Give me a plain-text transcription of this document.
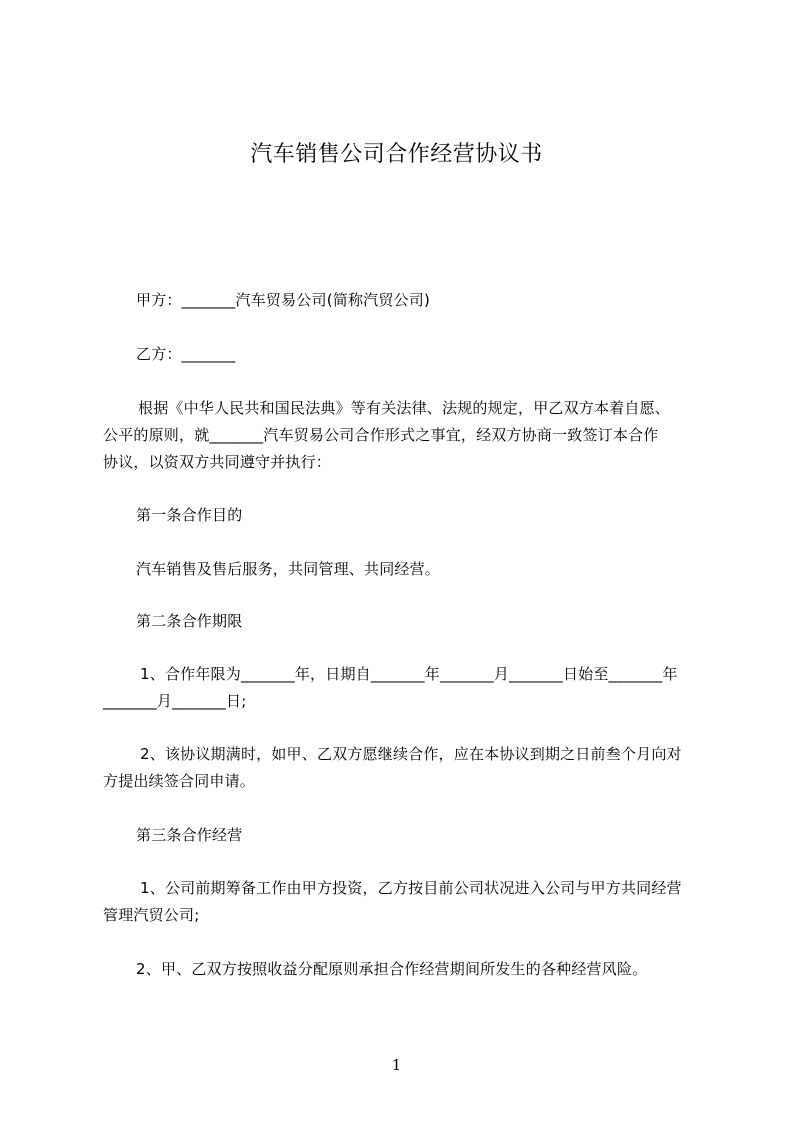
汽车销售公司合作经营协议书
甲方：_______汽车贸易公司(简称汽贸公司)
乙方：_______
根据《中华人民共和国民法典》等有关法律、法规的规定，甲乙双方本着自愿、
公平的原则，就_______汽车贸易公司合作形式之事宜，经双方协商一致签订本合作
协议，以资双方共同遵守并执行：
第一条合作目的
汽车销售及售后服务，共同管理、共同经营。
第二条合作期限
1、合作年限为_______年，日期自_______年_______月_______日始至_______年
_______月_______日;
2、该协议期满时，如甲、乙双方愿继续合作，应在本协议到期之日前叁个月向对
方提出续签合同申请。
第三条合作经营
1、公司前期筹备工作由甲方投资，乙方按目前公司状况进入公司与甲方共同经营
管理汽贸公司;
2、甲、乙双方按照收益分配原则承担合作经营期间所发生的各种经营风险。
1
